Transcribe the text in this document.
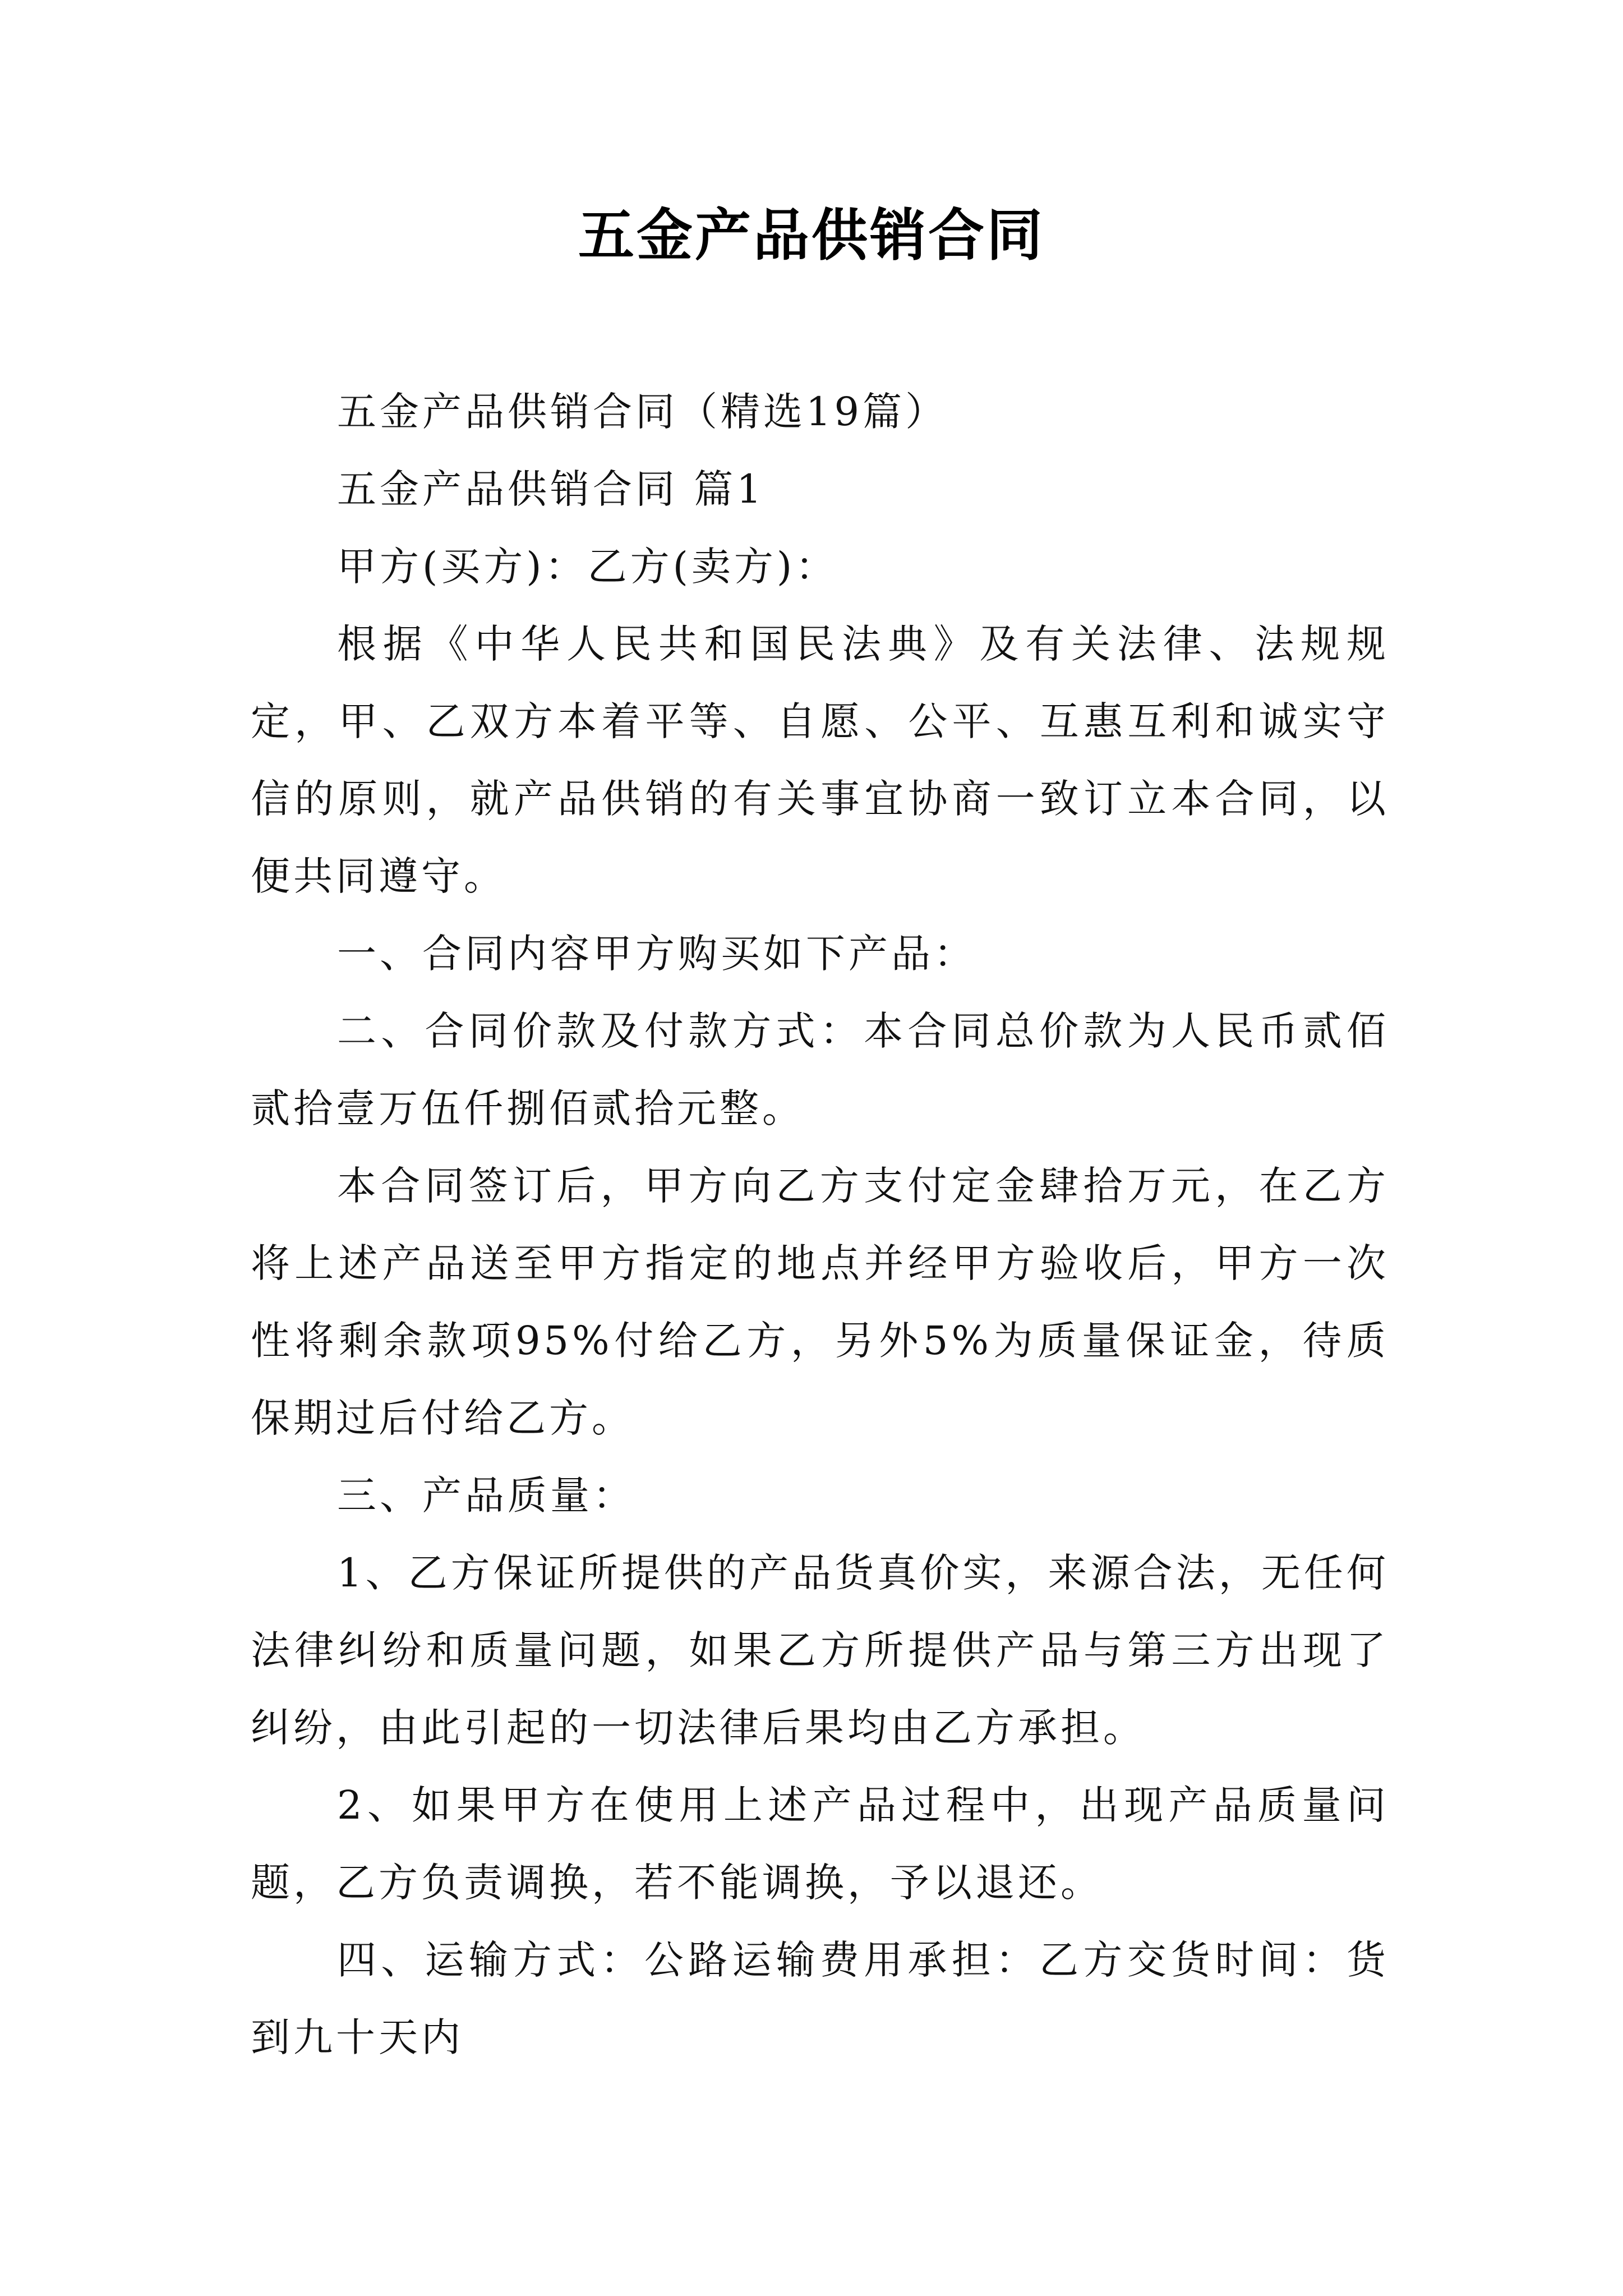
五金产品供销合同

五金产品供销合同（精选19篇）

五金产品供销合同 篇1

甲方(买方)：乙方(卖方)：

根据《中华人民共和国民法典》及有关法律、法规规定，甲、乙双方本着平等、自愿、公平、互惠互利和诚实守信的原则，就产品供销的有关事宜协商一致订立本合同，以便共同遵守。

一、合同内容甲方购买如下产品：

二、合同价款及付款方式：本合同总价款为人民币贰佰贰拾壹万伍仟捌佰贰拾元整。

本合同签订后，甲方向乙方支付定金肆拾万元，在乙方将上述产品送至甲方指定的地点并经甲方验收后，甲方一次性将剩余款项95%付给乙方，另外5%为质量保证金，待质保期过后付给乙方。

三、产品质量：

1、乙方保证所提供的产品货真价实，来源合法，无任何法律纠纷和质量问题，如果乙方所提供产品与第三方出现了纠纷，由此引起的一切法律后果均由乙方承担。

2、如果甲方在使用上述产品过程中，出现产品质量问题，乙方负责调换，若不能调换，予以退还。

四、运输方式：公路运输费用承担：乙方交货时间：货到九十天内
